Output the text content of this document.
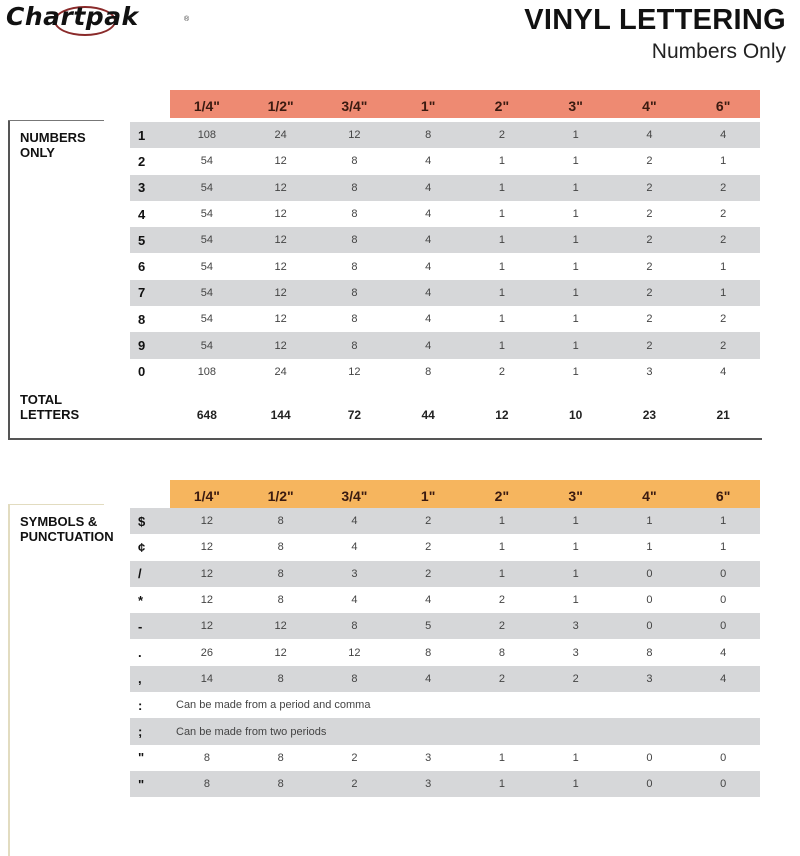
Chartpak	®	VINYL LETTERING
Numbers Only
NUMBERS
ONLY
1/4"	1/2"	3/4"	1"	2"	3"	4"	6"
1	108	24	12	8	2	1	4	4
2	54	12	8	4	1	1	2	1
3	54	12	8	4	1	1	2	2
4	54	12	8	4	1	1	2	2
5	54	12	8	4	1	1	2	2
6	54	12	8	4	1	1	2	1
7	54	12	8	4	1	1	2	1
8	54	12	8	4	1	1	2	2
9	54	12	8	4	1	1	2	2
0	108	24	12	8	2	1	3	4
TOTAL
LETTERS	648	144	72	44	12	10	23	21
SYMBOLS &
PUNCTUATION
1/4"	1/2"	3/4"	1"	2"	3"	4"	6"
$	12	8	4	2	1	1	1	1
¢	12	8	4	2	1	1	1	1
/	12	8	3	2	1	1	0	0
*	12	8	4	4	2	1	0	0
-	12	12	8	5	2	3	0	0
.	26	12	12	8	8	3	8	4
,	14	8	8	4	2	2	3	4
:	Can be made from a period and comma
;	Can be made from two periods
"	8	8	2	3	1	1	0	0
"	8	8	2	3	1	1	0	0
